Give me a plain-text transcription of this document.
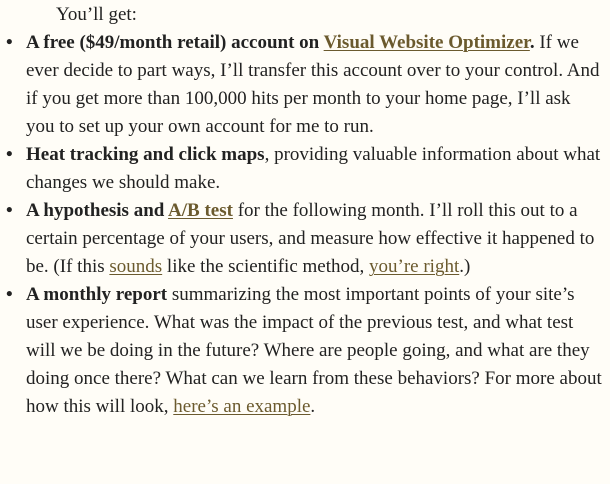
You’ll get:

• A free ($49/month retail) account on Visual Website Optimizer. If we ever decide to part ways, I’ll transfer this account over to your control. And if you get more than 100,000 hits per month to your home page, I’ll ask you to set up your own account for me to run.
• Heat tracking and click maps, providing valuable information about what changes we should make.
• A hypothesis and A/B test for the following month. I’ll roll this out to a certain percentage of your users, and measure how effective it happened to be. (If this sounds like the scientific method, you’re right.)
• A monthly report summarizing the most important points of your site’s user experience. What was the impact of the previous test, and what test will we be doing in the future? Where are people going, and what are they doing once there? What can we learn from these behaviors? For more about how this will look, here’s an example.
